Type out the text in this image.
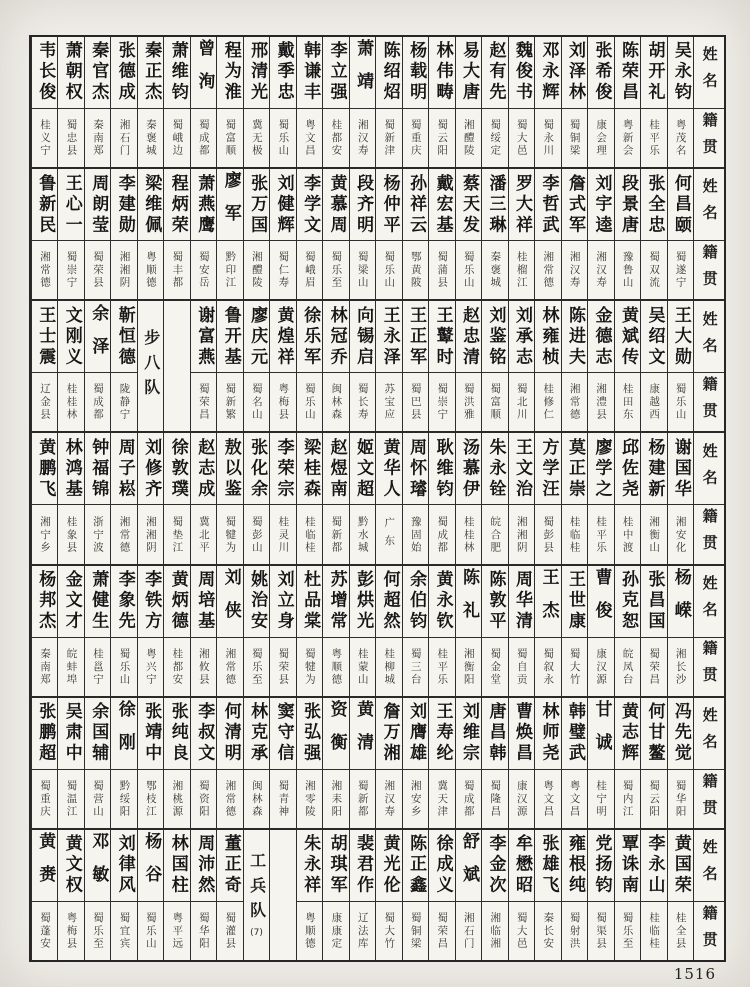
姓名
籍贯
吴永钧
粤茂名
胡开礼
桂平乐
陈荣昌
粤新会
张希俊
康会理
刘泽林
蜀铜梁
邓永辉
蜀永川
魏俊书
蜀大邑
赵有先
蜀绥定
易大唐
湘醴陵
林伟畴
蜀云阳
杨载明
蜀重庆
陈绍炤
蜀新津
萧靖
湘汉寿
李立强
桂都安
韩谦丰
粤文昌
戴季忠
蜀乐山
邢清光
冀无极
程为淮
蜀富顺
曾洵
蜀成都
萧维钧
蜀峨边
秦正杰
秦褒城
张德成
湘石门
秦官杰
秦南郑
萧朝权
蜀忠县
韦长俊
桂义宁
姓名
籍贯
何昌颐
蜀遂宁
张全忠
蜀双流
段景唐
豫鲁山
刘宇逵
湘汉寿
詹式军
湘汉寿
李哲武
湘常德
罗大祥
桂榴江
潘三琳
秦褒城
蔡天发
蜀乐山
戴宏基
蜀蒲县
孙祥云
鄂黄陂
杨仲平
蜀乐山
段齐明
蜀梁山
黄慕周
蜀乐至
李学文
蜀峨眉
刘健辉
蜀仁寿
张万国
湘醴陵
廖军
黔印江
萧燕鹰
蜀安岳
程炳荣
蜀丰都
梁维佩
粤顺德
李建勋
湘湘阴
周朗莹
蜀荣县
王心一
蜀崇宁
鲁新民
湘常德
姓名
籍贯
王大勋
蜀乐山
吴绍文
康越西
黄斌传
桂田东
金德志
湘澧县
陈进夫
湘常德
林雍桢
桂修仁
刘承志
蜀北川
刘鉴铭
蜀富顺
赵忠清
蜀洪雅
王鼙时
蜀崇宁
王正军
蜀巴县
王永泽
苏宝应
向锡启
蜀长寿
林冠乔
闽林森
徐乐军
蜀乐山
黄煌祥
粤梅县
廖庆元
蜀名山
鲁开基
蜀新繁
谢富燕
蜀荣昌
步八队
靳恒德
陇静宁
余泽
蜀成都
文刚义
桂桂林
王士震
辽金县
姓名
籍贯
谢国华
湘安化
杨建新
湘衡山
邱佐尧
桂中渡
廖学之
桂平乐
莫正崇
桂临桂
方学汪
蜀彭县
王文治
湘湘阴
朱永铨
皖合肥
汤慕伊
桂桂林
耿维钧
蜀成都
周怀璿
豫固始
黄华人
广东
姬文超
黔水城
赵煜南
蜀新都
梁桂森
桂临桂
李荣宗
桂灵川
张化余
蜀彭山
敖以鉴
蜀犍为
赵志成
冀北平
徐敦璞
蜀垫江
刘修齐
湘湘阴
周子崧
湘常德
钟福锦
浙宁波
林鸿基
桂象县
黄鹏飞
湘宁乡
姓名
籍贯
杨嵘
湘长沙
张昌国
蜀荣昌
孙克恕
皖凤台
曹俊
康汉源
王世康
蜀大竹
王杰
蜀叙永
周华清
蜀自贡
陈敦平
蜀金堂
陈礼
湘衡阳
黄永钦
桂平乐
余伯钧
蜀三台
何超然
桂柳城
彭烘光
桂蒙山
苏增常
粤顺德
杜品棠
蜀犍为
刘立身
蜀荣县
姚治安
蜀乐至
刘侠
湘常德
周培基
湘攸县
黄炳德
桂都安
李铁方
粤兴宁
李象先
蜀乐山
萧健生
桂邕宁
金文才
皖蚌埠
杨邦杰
秦南郑
姓名
籍贯
冯先觉
蜀华阳
何甘鳌
蜀云阳
黄志辉
蜀内江
甘诚
桂宁明
韩璧武
粤文昌
林师尧
粤文昌
曹焕昌
康汉源
唐昌韩
蜀隆昌
刘维宗
蜀成都
王寿纶
冀天津
刘膺雄
湘安乡
詹万湘
湘汉寿
黄清
蜀新都
资衡
湘耒阳
张弘强
湘零陵
窦守信
蜀青神
林克承
闽林森
何清明
湘常德
李叔文
蜀资阳
张纯良
湘桃源
张靖中
鄂枝江
徐刚
黔绥阳
余国辅
蜀营山
吴肃中
蜀温江
张鹏超
蜀重庆
姓名
籍贯
黄国荣
桂全县
李永山
桂临桂
覃诛南
蜀乐至
党扬钧
蜀渠县
雍根纯
蜀射洪
张雄飞
秦长安
牟懋昭
蜀大邑
李金次
湘临湘
舒斌
湘石门
徐成义
蜀荣昌
陈正鑫
蜀铜梁
黄光伦
蜀大竹
裴君作
辽法库
胡琪军
康康定
朱永祥
粤顺德
工兵队
(7)
董正奇
蜀灌县
周沛然
蜀华阳
林国柱
粤平远
杨谷
蜀乐山
刘律风
蜀宜宾
邓敏
蜀乐至
黄文权
粤梅县
黄赉
蜀蓬安
1516
